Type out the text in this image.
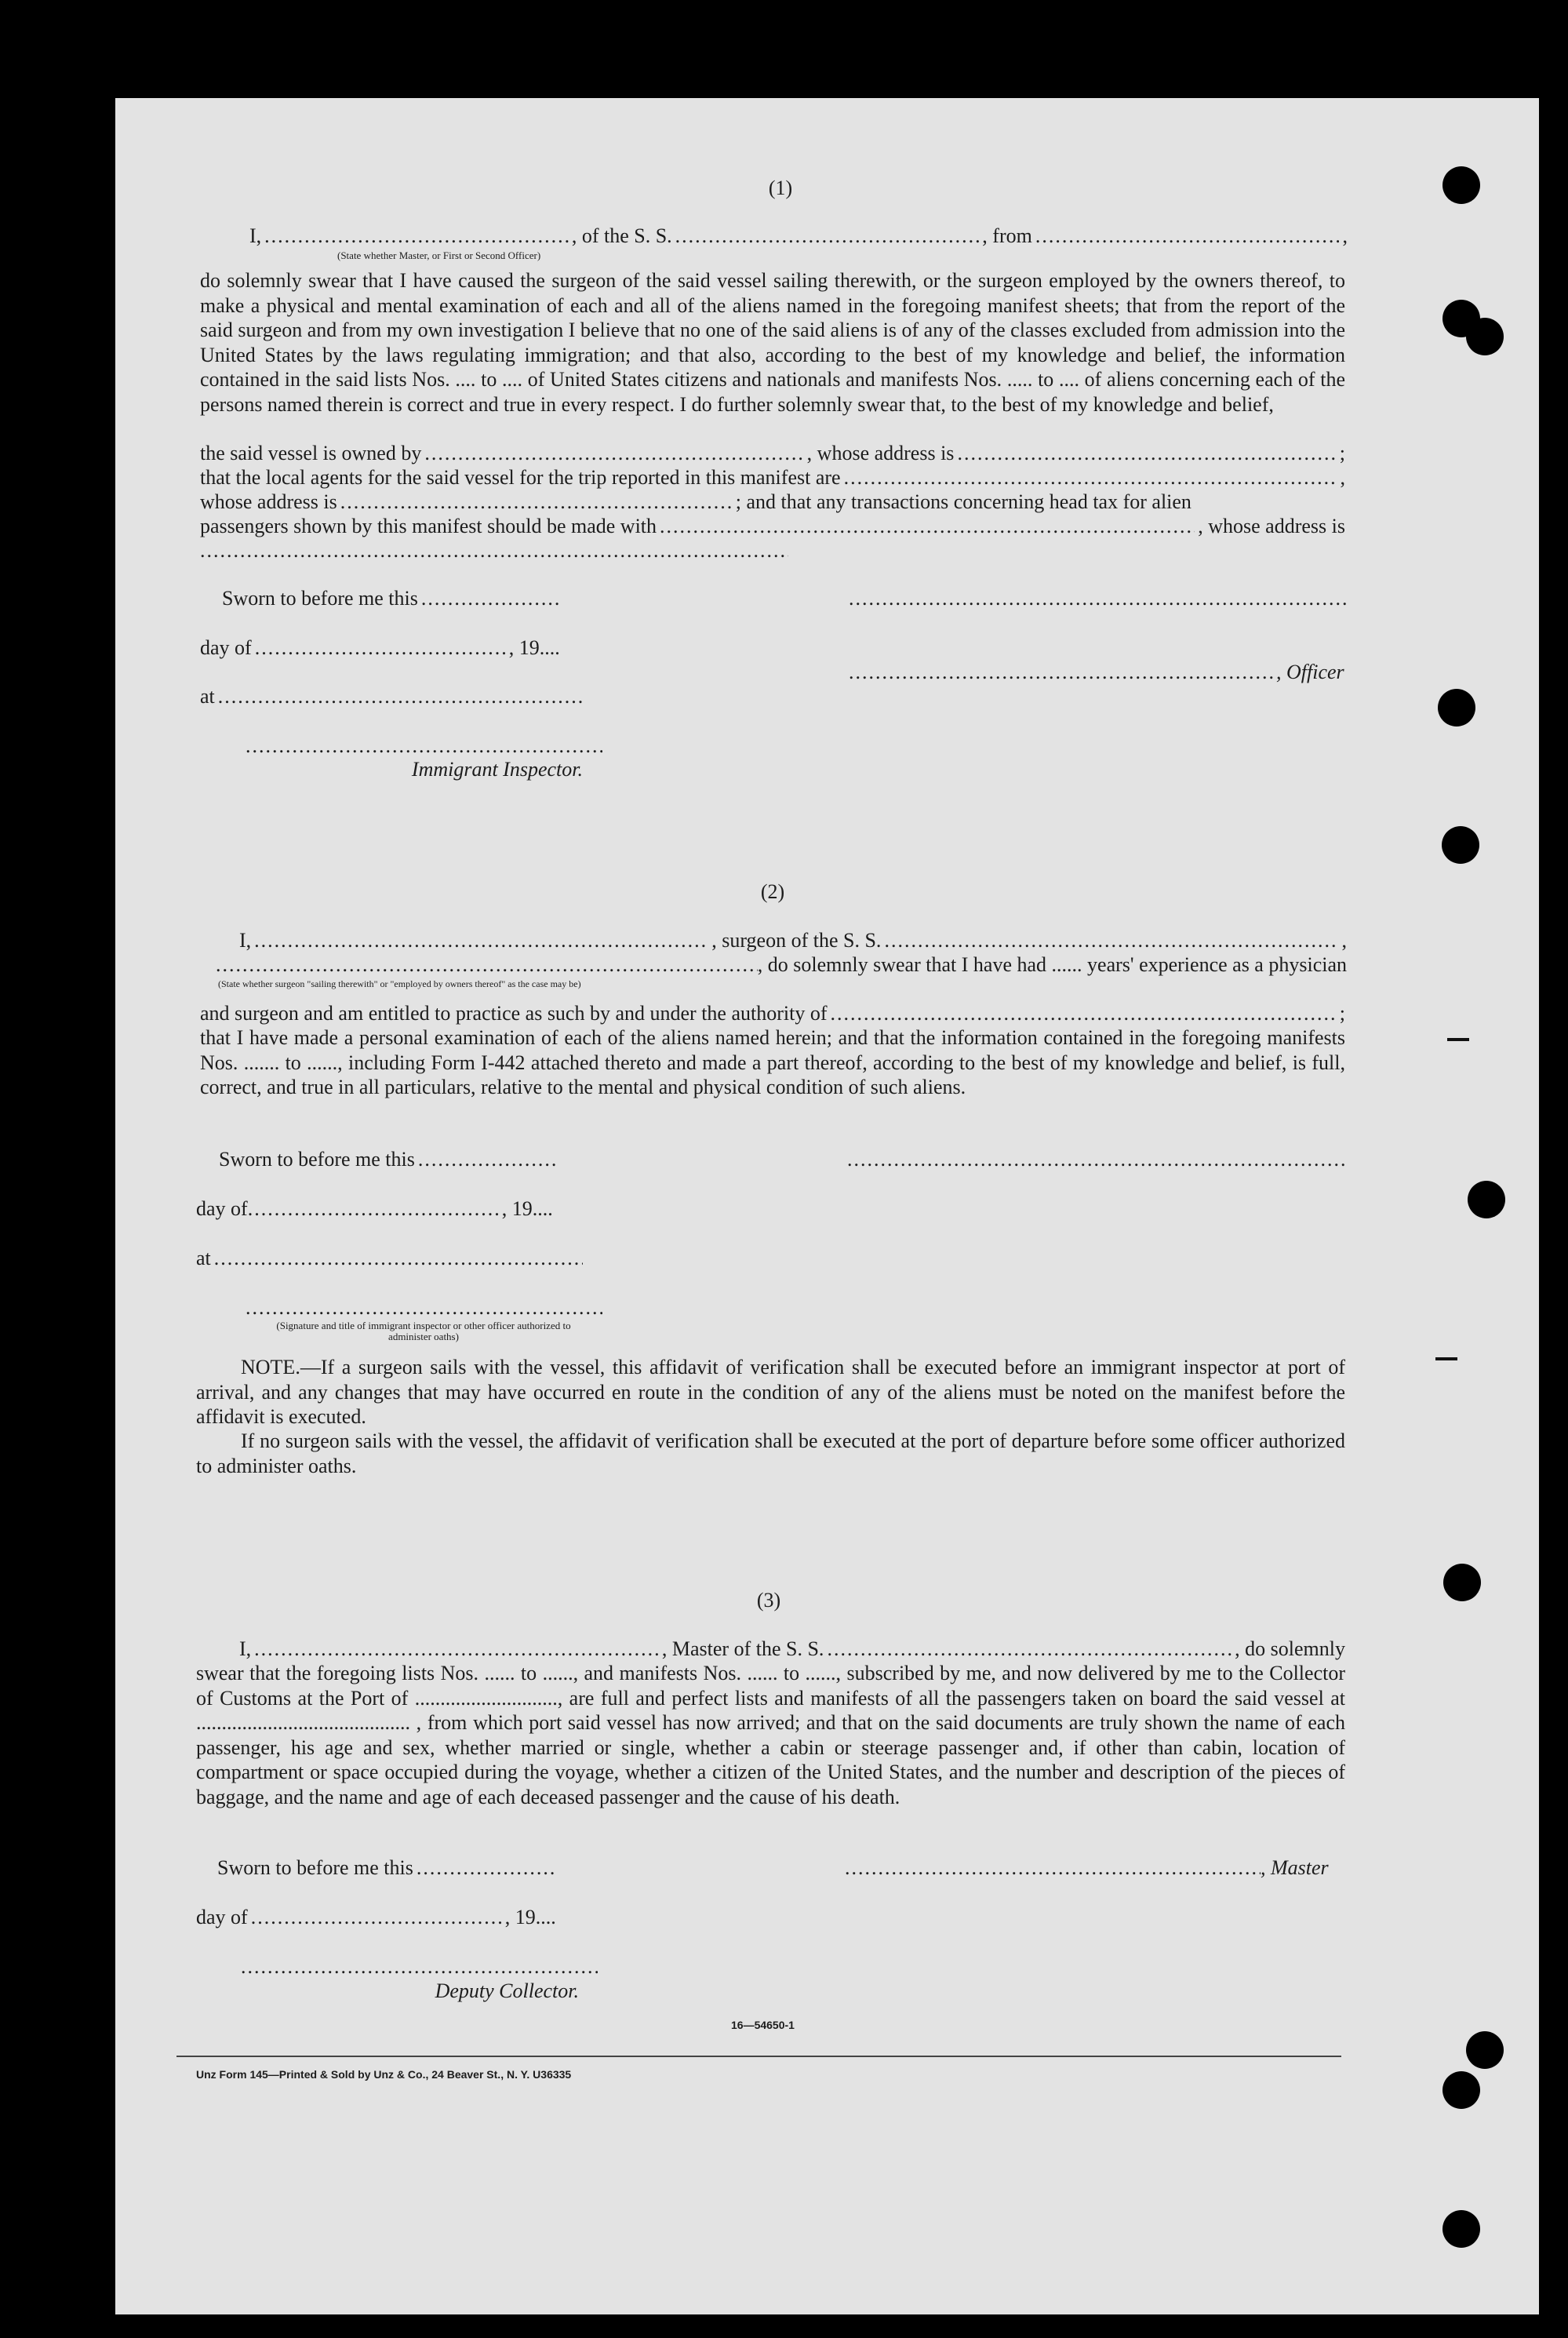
(1)
I, .....	, of the S. S. .....	, from .....	,
(State whether Master, or First or Second Officer)
do solemnly swear that I have caused the surgeon of the said vessel sailing therewith, or the surgeon employed by the owners thereof, to make a physical and mental examination of each and all of the aliens named in the foregoing manifest sheets; that from the report of the said surgeon and from my own investigation I believe that no one of the said aliens is of any of the classes excluded from admission into the United States by the laws regulating immigration; and that also, according to the best of my knowledge and belief, the information contained in the said lists Nos. .... to .... of United States citizens and nationals and manifests Nos. ..... to .... of aliens concerning each of the persons named therein is correct and true in every respect. I do further solemnly swear that, to the best of my knowledge and belief,
the said vessel is owned by .....	, whose address is .....	;
that the local agents for the said vessel for the trip reported in this manifest are .....	,
whose address is .....	; and that any transactions concerning head tax for alien
passengers shown by this manifest should be made with .....	, whose address is
.....
Sworn to before me this
.....
.....
day of .....	, 19....
.....
, Officer
at
.....
.....
Immigrant Inspector.
(2)
I, .....	, surgeon of the S. S. .....	,
.....
, do solemnly swear that I have had ...... years' experience as a physician
(State whether surgeon "sailing therewith" or "employed by owners thereof" as the case may be)
and surgeon and am entitled to practice as such by and under the authority of .....	;
that I have made a personal examination of each of the aliens named herein; and that the information contained in the foregoing manifests Nos. ....... to ......, including Form I-442 attached thereto and made a part thereof, according to the best of my knowledge and belief, is full, correct, and true in all particulars, relative to the mental and physical condition of such aliens.
Sworn to before me this
.....
.....
day of .....	, 19....
at
.....
.....
(Signature and title of immigrant inspector or other officer authorized to administer oaths)
NOTE.—If a surgeon sails with the vessel, this affidavit of verification shall be executed before an immigrant inspector at port of arrival, and any changes that may have occurred en route in the condition of any of the aliens must be noted on the manifest before the affidavit is executed.
If no surgeon sails with the vessel, the affidavit of verification shall be executed at the port of departure before some officer authorized to administer oaths.
(3)
I, .....	, Master of the S. S. .....	, do solemnly
swear that the foregoing lists Nos. ...... to ......, and manifests Nos. ...... to ......, subscribed by me, and now delivered by me to the Collector of Customs at the Port of ............................, are full and perfect lists and manifests of all the passengers taken on board the said vessel at .......................................... , from which port said vessel has now arrived; and that on the said documents are truly shown the name of each passenger, his age and sex, whether married or single, whether a cabin or steerage passenger and, if other than cabin, location of compartment or space occupied during the voyage, whether a citizen of the United States, and the number and description of the pieces of baggage, and the name and age of each deceased passenger and the cause of his death.
Sworn to before me this ..... .....	, Master
day of .....	, 19....
.....
Deputy Collector.
16—54650-1
Unz Form 145—Printed & Sold by Unz & Co., 24 Beaver St., N. Y. U36335
